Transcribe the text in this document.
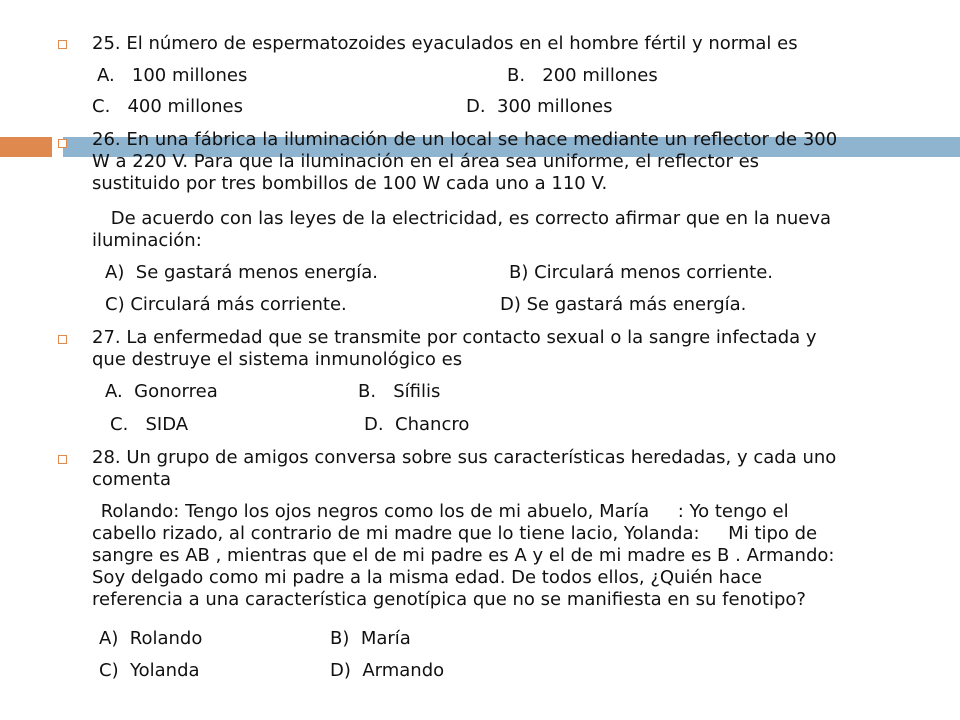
25. El número de espermatozoides eyaculados en el hombre fértil y normal es
A.   100 millones	B.   200 millones
C.   400 millones	D.  300 millones
26. En una fábrica la iluminación de un local se hace mediante un reflector de 300
W a 220 V. Para que la iluminación en el área sea uniforme, el reflector es
sustituido por tres bombillos de 100 W cada uno a 110 V.
De acuerdo con las leyes de la electricidad, es correcto afirmar que en la nueva
iluminación:
A)  Se gastará menos energía.	B) Circulará menos corriente.
C) Circulará más corriente.	D) Se gastará más energía.
27. La enfermedad que se transmite por contacto sexual o la sangre infectada y
que destruye el sistema inmunológico es
A.  Gonorrea	B.   Sífilis
C.   SIDA	D.  Chancro
28. Un grupo de amigos conversa sobre sus características heredadas, y cada uno
comenta
Rolando: Tengo los ojos negros como los de mi abuelo, María     : Yo tengo el
cabello rizado, al contrario de mi madre que lo tiene lacio, Yolanda:     Mi tipo de
sangre es AB , mientras que el de mi padre es A y el de mi madre es B . Armando:
Soy delgado como mi padre a la misma edad. De todos ellos, ¿Quién hace
referencia a una característica genotípica que no se manifiesta en su fenotipo?
A)  Rolando	B)  María
C)  Yolanda	D)  Armando
